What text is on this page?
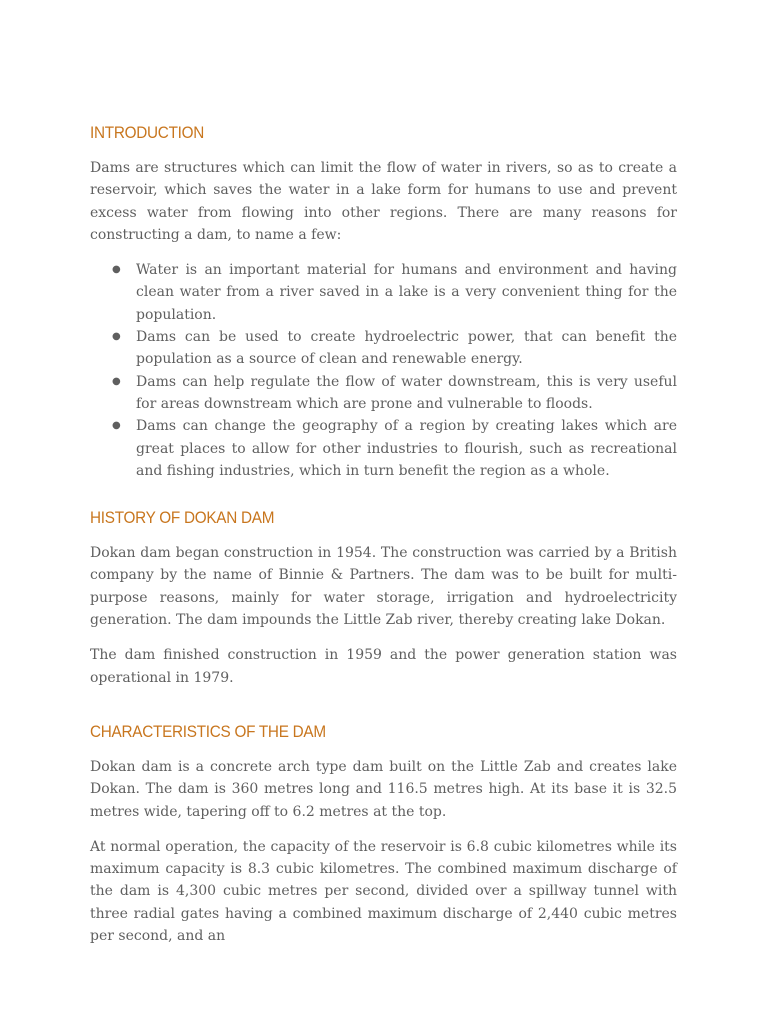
INTRODUCTION

Dams are structures which can limit the flow of water in rivers, so as to create a reservoir, which saves the water in a lake form for humans to use and prevent excess water from flowing into other regions. There are many reasons for constructing a dam, to name a few:

● Water is an important material for humans and environment and having clean water from a river saved in a lake is a very convenient thing for the population.
● Dams can be used to create hydroelectric power, that can benefit the population as a source of clean and renewable energy.
● Dams can help regulate the flow of water downstream, this is very useful for areas downstream which are prone and vulnerable to floods.
● Dams can change the geography of a region by creating lakes which are great places to allow for other industries to flourish, such as recreational and fishing industries, which in turn benefit the region as a whole.
HISTORY OF DOKAN DAM

Dokan dam began construction in 1954. The construction was carried by a British company by the name of Binnie & Partners. The dam was to be built for multi-purpose reasons, mainly for water storage, irrigation and hydroelectricity generation. The dam impounds the Little Zab river, thereby creating lake Dokan.

The dam finished construction in 1959 and the power generation station was operational in 1979.

CHARACTERISTICS OF THE DAM

Dokan dam is a concrete arch type dam built on the Little Zab and creates lake Dokan. The dam is 360 metres long and 116.5 metres high. At its base it is 32.5 metres wide, tapering off to 6.2 metres at the top.

At normal operation, the capacity of the reservoir is 6.8 cubic kilometres while its maximum capacity is 8.3 cubic kilometres. The combined maximum discharge of the dam is 4,300 cubic metres per second, divided over a spillway tunnel with three radial gates having a combined maximum discharge of 2,440 cubic metres per second, and an
